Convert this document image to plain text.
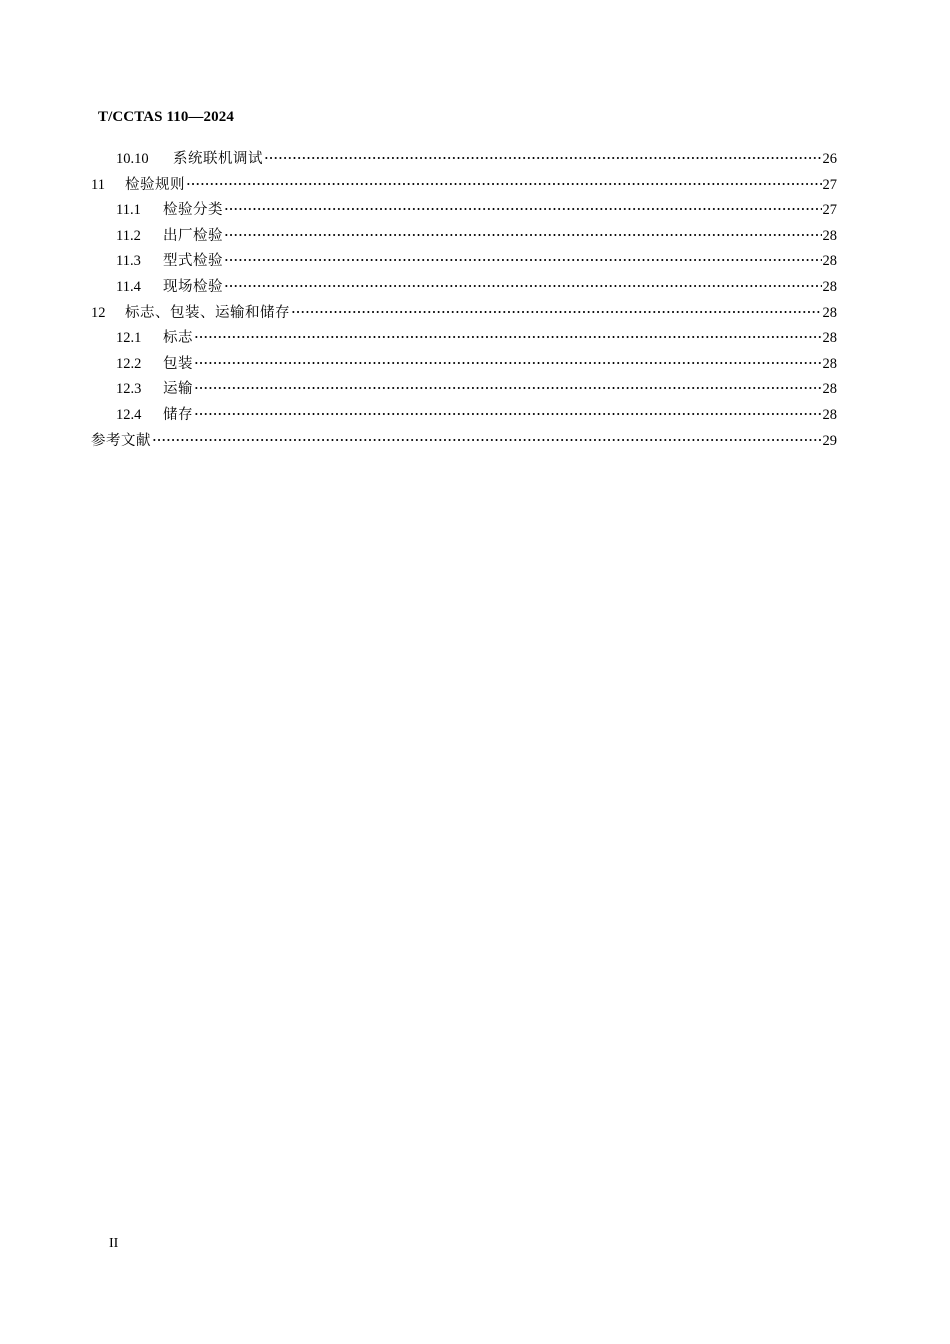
T/CCTAS 110—2024
10.10	系统联机调试	26
11	检验规则	27
11.1	检验分类	27
11.2	出厂检验	28
11.3	型式检验	28
11.4	现场检验	28
12	标志、包装、运输和储存	28
12.1	标志	28
12.2	包装	28
12.3	运输	28
12.4	储存	28
参考文献	29
II
